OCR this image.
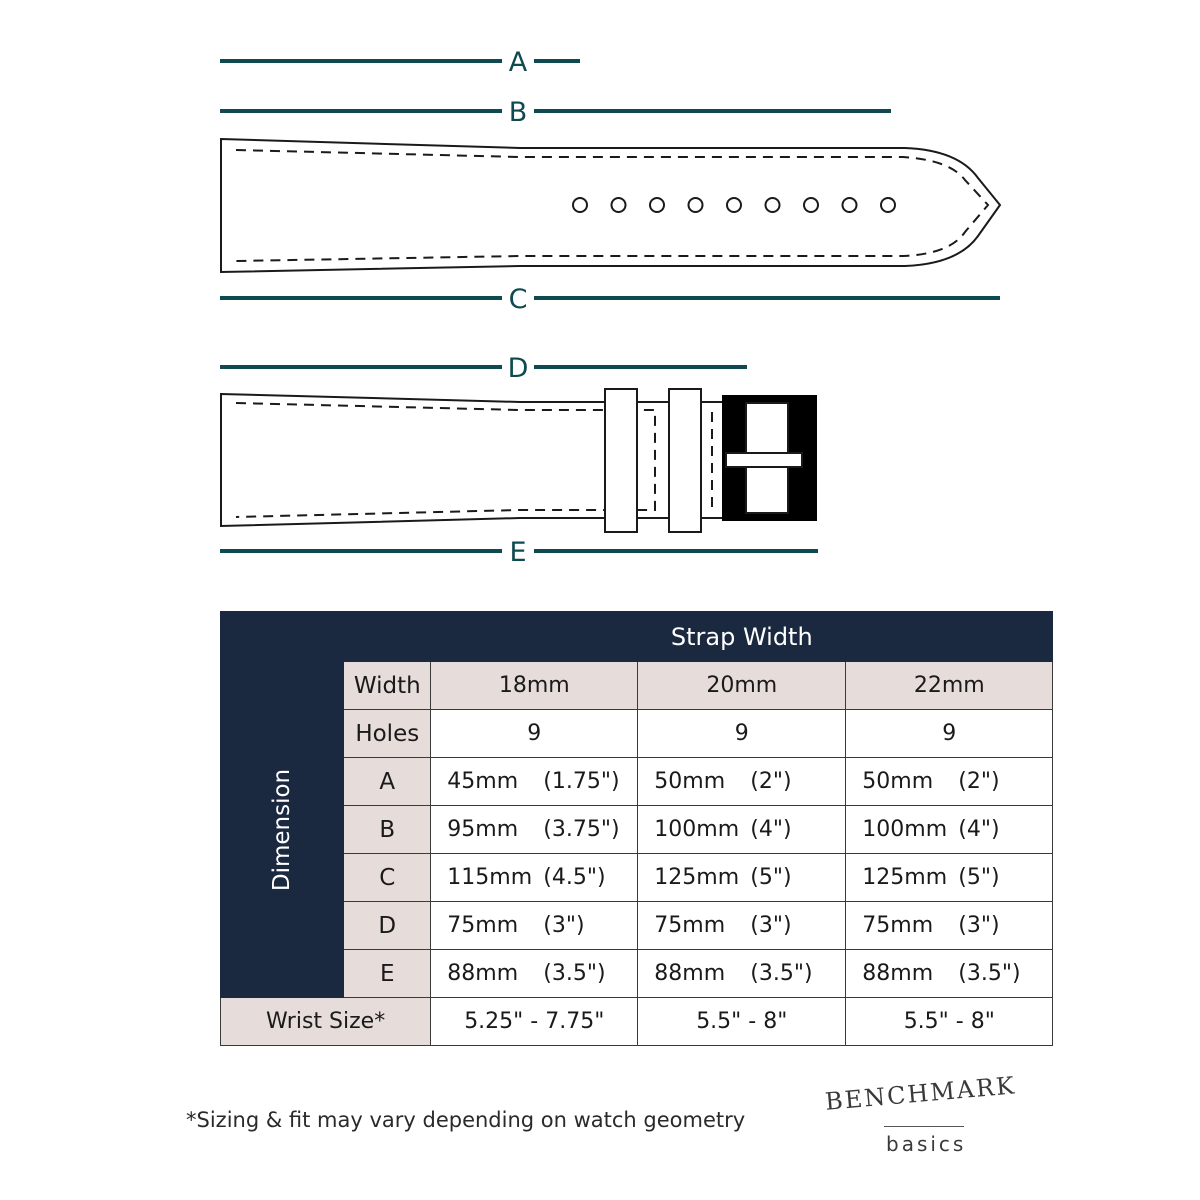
A
B
C
D
E
		Strap Width		
Dimension	Width	18mm	20mm	22mm
	Holes	9	9	9
	A	45mm (1.75")	50mm (2")	50mm (2")
	B	95mm (3.75")	100mm (4")	100mm (4")
	C	115mm (4.5")	125mm (5")	125mm (5")
	D	75mm (3")	75mm (3")	75mm (3")
	E	88mm (3.5")	88mm (3.5")	88mm (3.5")
Wrist Size*		5.25" - 7.75"	5.5" - 8"	5.5" - 8"
*Sizing & fit may vary depending on watch geometry
BENCHMARK
basics
